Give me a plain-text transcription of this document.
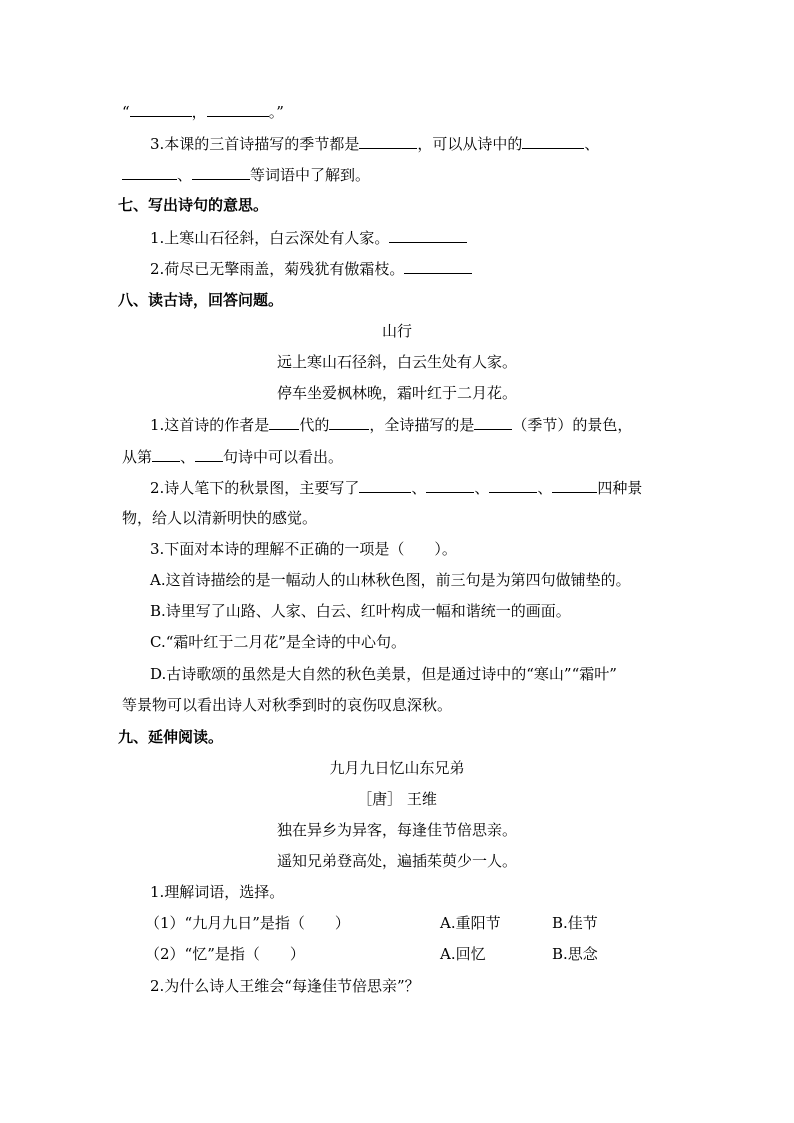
“	，	。”
3.本课的三首诗描写的季节都是	，可以从诗中的	、
、	等词语中了解到。
七、写出诗句的意思。
1.上寒山石径斜，白云深处有人家。
2.荷尽已无擎雨盖，菊残犹有傲霜枝。
八、读古诗，回答问题。
山行
远上寒山石径斜，白云生处有人家。
停车坐爱枫林晚，霜叶红于二月花。
1.这首诗的作者是 代的	，全诗描写的是	（季节）的景色，
从第 、 句诗中可以看出。
2.诗人笔下的秋景图，主要写了	、	、	、	四种景
物，给人以清新明快的感觉。
3.下面对本诗的理解不正确的一项是（　　）。
A.这首诗描绘的是一幅动人的山林秋色图，前三句是为第四句做铺垫的。
B.诗里写了山路、人家、白云、红叶构成一幅和谐统一的画面。
C.“霜叶红于二月花”是全诗的中心句。
D.古诗歌颂的虽然是大自然的秋色美景，但是通过诗中的“寒山”“霜叶”
等景物可以看出诗人对秋季到时的哀伤叹息深秋。
九、延伸阅读。
九月九日忆山东兄弟
［唐］ 王维
独在异乡为异客，每逢佳节倍思亲。
遥知兄弟登高处，遍插茱萸少一人。
1.理解词语，选择。
（1）“九月九日”是指（　　）	A.重阳节	B.佳节
（2）“忆”是指（　　）	A.回忆	B.思念
2.为什么诗人王维会“每逢佳节倍思亲”？
